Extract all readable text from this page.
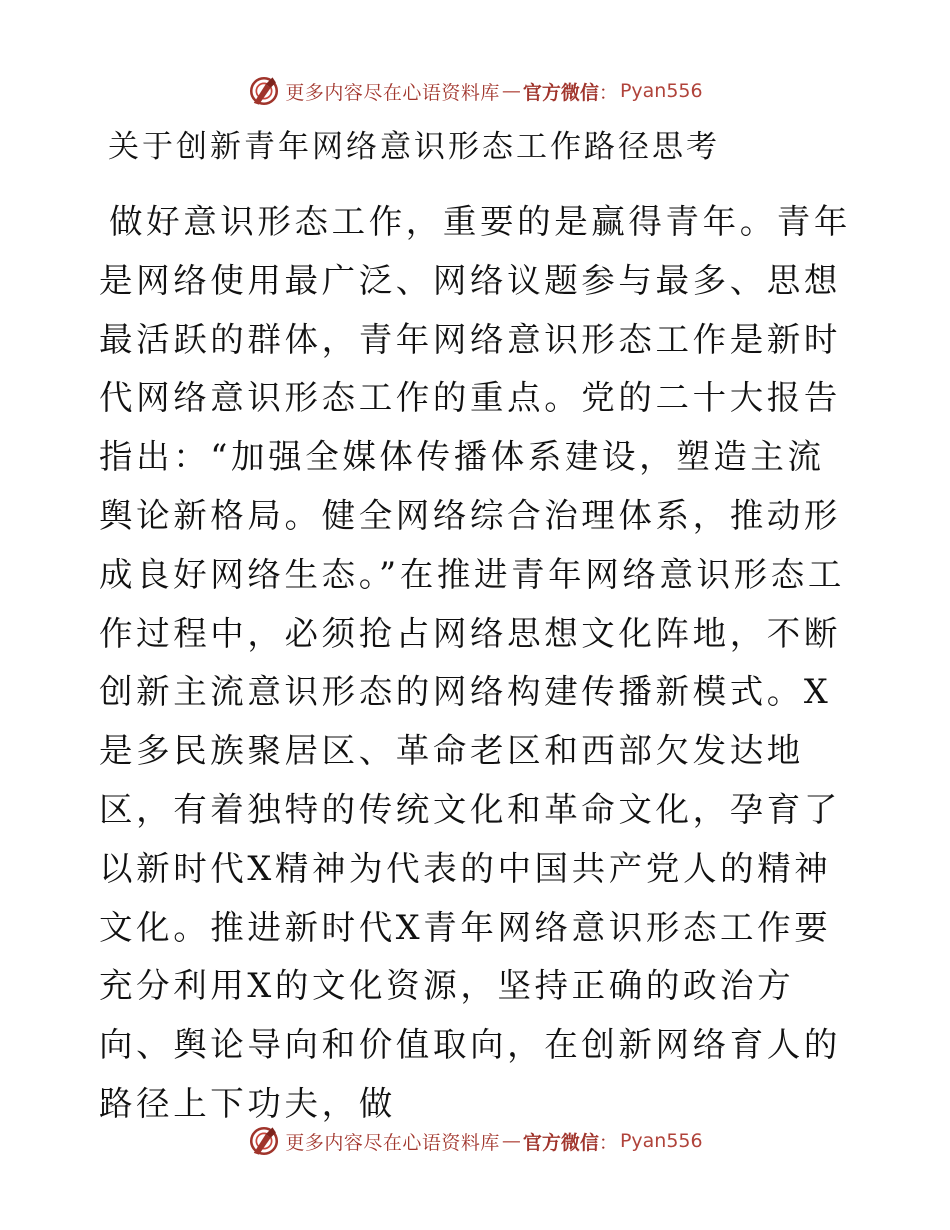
更多内容尽在心语资料库 — 官方微信 ： Pyan556
关于创新青年网络意识形态工作路径思考

做好意识形态工作，重要的是赢得青年。青年是网络使用最广泛、网络议题参与最多、思想最活跃的群体，青年网络意识形态工作是新时代网络意识形态工作的重点。党的二十大报告指出：“加强全媒体传播体系建设，塑造主流舆论新格局。健全网络综合治理体系，推动形成良好网络生态。”在推进青年网络意识形态工作过程中，必须抢占网络思想文化阵地，不断创新主流意识形态的网络构建传播新模式。X是多民族聚居区、革命老区和西部欠发达地区，有着独特的传统文化和革命文化，孕育了以新时代X精神为代表的中国共产党人的精神文化。推进新时代X青年网络意识形态工作要充分利用X的文化资源，坚持正确的政治方向、舆论导向和价值取向，在创新网络育人的路径上下功夫，做

更多内容尽在心语资料库 — 官方微信 ： Pyan556
